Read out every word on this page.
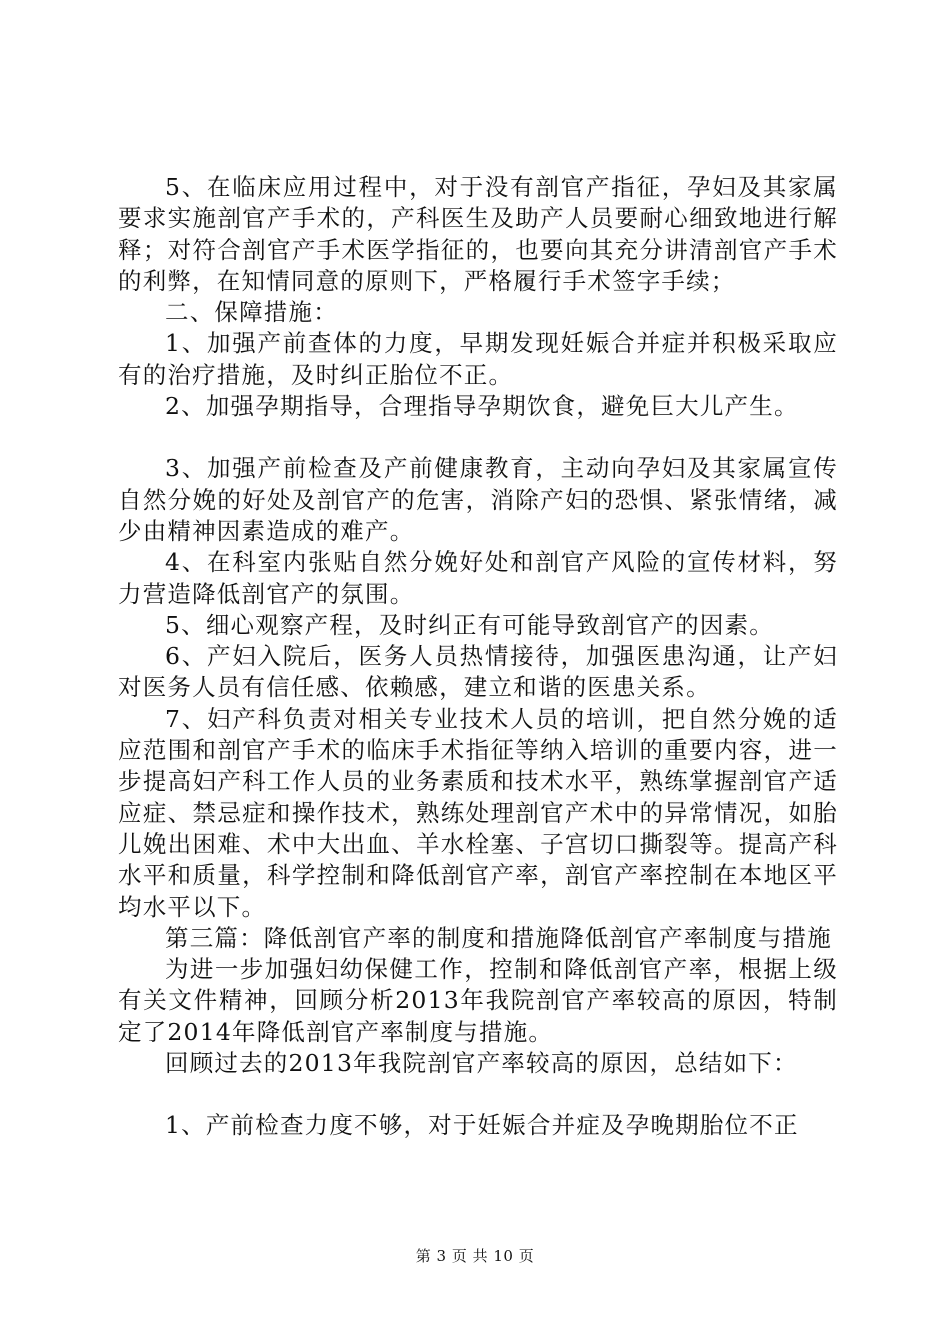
5、在临床应用过程中，对于没有剖官产指征，孕妇及其家属要求实施剖官产手术的，产科医生及助产人员要耐心细致地进行解释；对符合剖官产手术医学指征的，也要向其充分讲清剖官产手术的利弊，在知情同意的原则下，严格履行手术签字手续；

二、保障措施：

1、加强产前查体的力度，早期发现妊娠合并症并积极采取应有的治疗措施，及时纠正胎位不正。

2、加强孕期指导，合理指导孕期饮食，避免巨大儿产生。

3、加强产前检查及产前健康教育，主动向孕妇及其家属宣传自然分娩的好处及剖官产的危害，消除产妇的恐惧、紧张情绪，减少由精神因素造成的难产。

4、在科室内张贴自然分娩好处和剖官产风险的宣传材料，努力营造降低剖官产的氛围。

5、细心观察产程，及时纠正有可能导致剖官产的因素。

6、产妇入院后，医务人员热情接待，加强医患沟通，让产妇对医务人员有信任感、依赖感，建立和谐的医患关系。

7、妇产科负责对相关专业技术人员的培训，把自然分娩的适应范围和剖官产手术的临床手术指征等纳入培训的重要内容，进一步提高妇产科工作人员的业务素质和技术水平，熟练掌握剖官产适应症、禁忌症和操作技术，熟练处理剖官产术中的异常情况，如胎儿娩出困难、术中大出血、羊水栓塞、子宫切口撕裂等。提高产科水平和质量，科学控制和降低剖官产率，剖官产率控制在本地区平均水平以下。

第三篇：降低剖官产率的制度和措施降低剖官产率制度与措施

为进一步加强妇幼保健工作，控制和降低剖官产率，根据上级有关文件精神，回顾分析2013年我院剖官产率较高的原因，特制定了2014年降低剖官产率制度与措施。

回顾过去的2013年我院剖官产率较高的原因，总结如下：

1、产前检查力度不够，对于妊娠合并症及孕晚期胎位不正

第 3 页 共 10 页
